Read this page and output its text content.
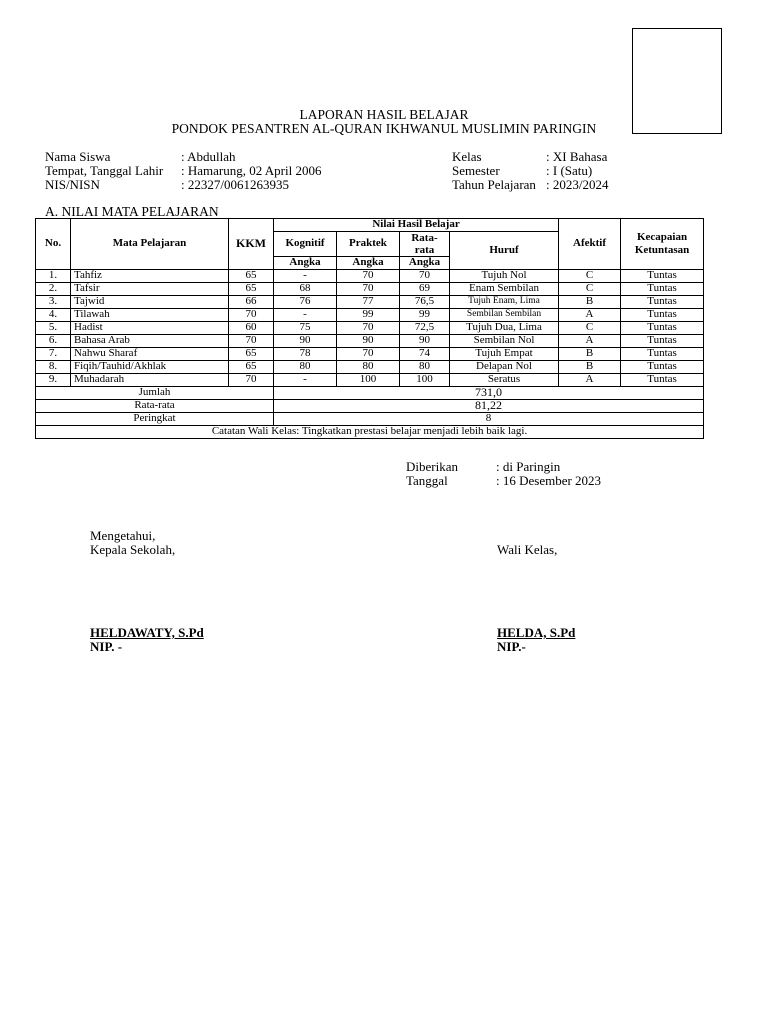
LAPORAN HASIL BELAJAR
PONDOK PESANTREN AL-QURAN IKHWANUL MUSLIMIN PARINGIN
Nama Siswa	: Abdullah
Tempat, Tanggal Lahir : Hamarung, 02 April 2006
NIS/NISN	: 22327/0061263935
Kelas	: XI Bahasa
Semester	: I (Satu)
Tahun Pelajaran : 2023/2024
A. NILAI MATA PELAJARAN
No.	Mata Pelajaran	KKM	Nilai Hasil Belajar				Afektif	Kecapaian Ketuntasan
			Kognitif	Praktek	Rata-rata	Huruf		
			Angka	Angka	Angka			
1.	Tahfiz	65	-	70	70	Tujuh Nol	C	Tuntas
2.	Tafsir	65	68	70	69	Enam Sembilan	C	Tuntas
3.	Tajwid	66	76	77	76,5	Tujuh Enam, Lima	B	Tuntas
4.	Tilawah	70	-	99	99	Sembilan Sembilan	A	Tuntas
5.	Hadist	60	75	70	72,5	Tujuh Dua, Lima	C	Tuntas
6.	Bahasa Arab	70	90	90	90	Sembilan Nol	A	Tuntas
7.	Nahwu Sharaf	65	78	70	74	Tujuh Empat	B	Tuntas
8.	Fiqih/Tauhid/Akhlak	65	80	80	80	Delapan Nol	B	Tuntas
9.	Muhadarah	70	-	100	100	Seratus	A	Tuntas
Jumlah			731,0					
Rata-rata			81,22					
Peringkat			8					
Catatan Wali Kelas: Tingkatkan prestasi belajar menjadi lebih baik lagi.								
Diberikan	: di Paringin
Tanggal	: 16 Desember 2023
Mengetahui,
Kepala Sekolah,	Wali Kelas,
HELDAWATY, S.Pd
NIP. -
HELDA, S.Pd
NIP.-
